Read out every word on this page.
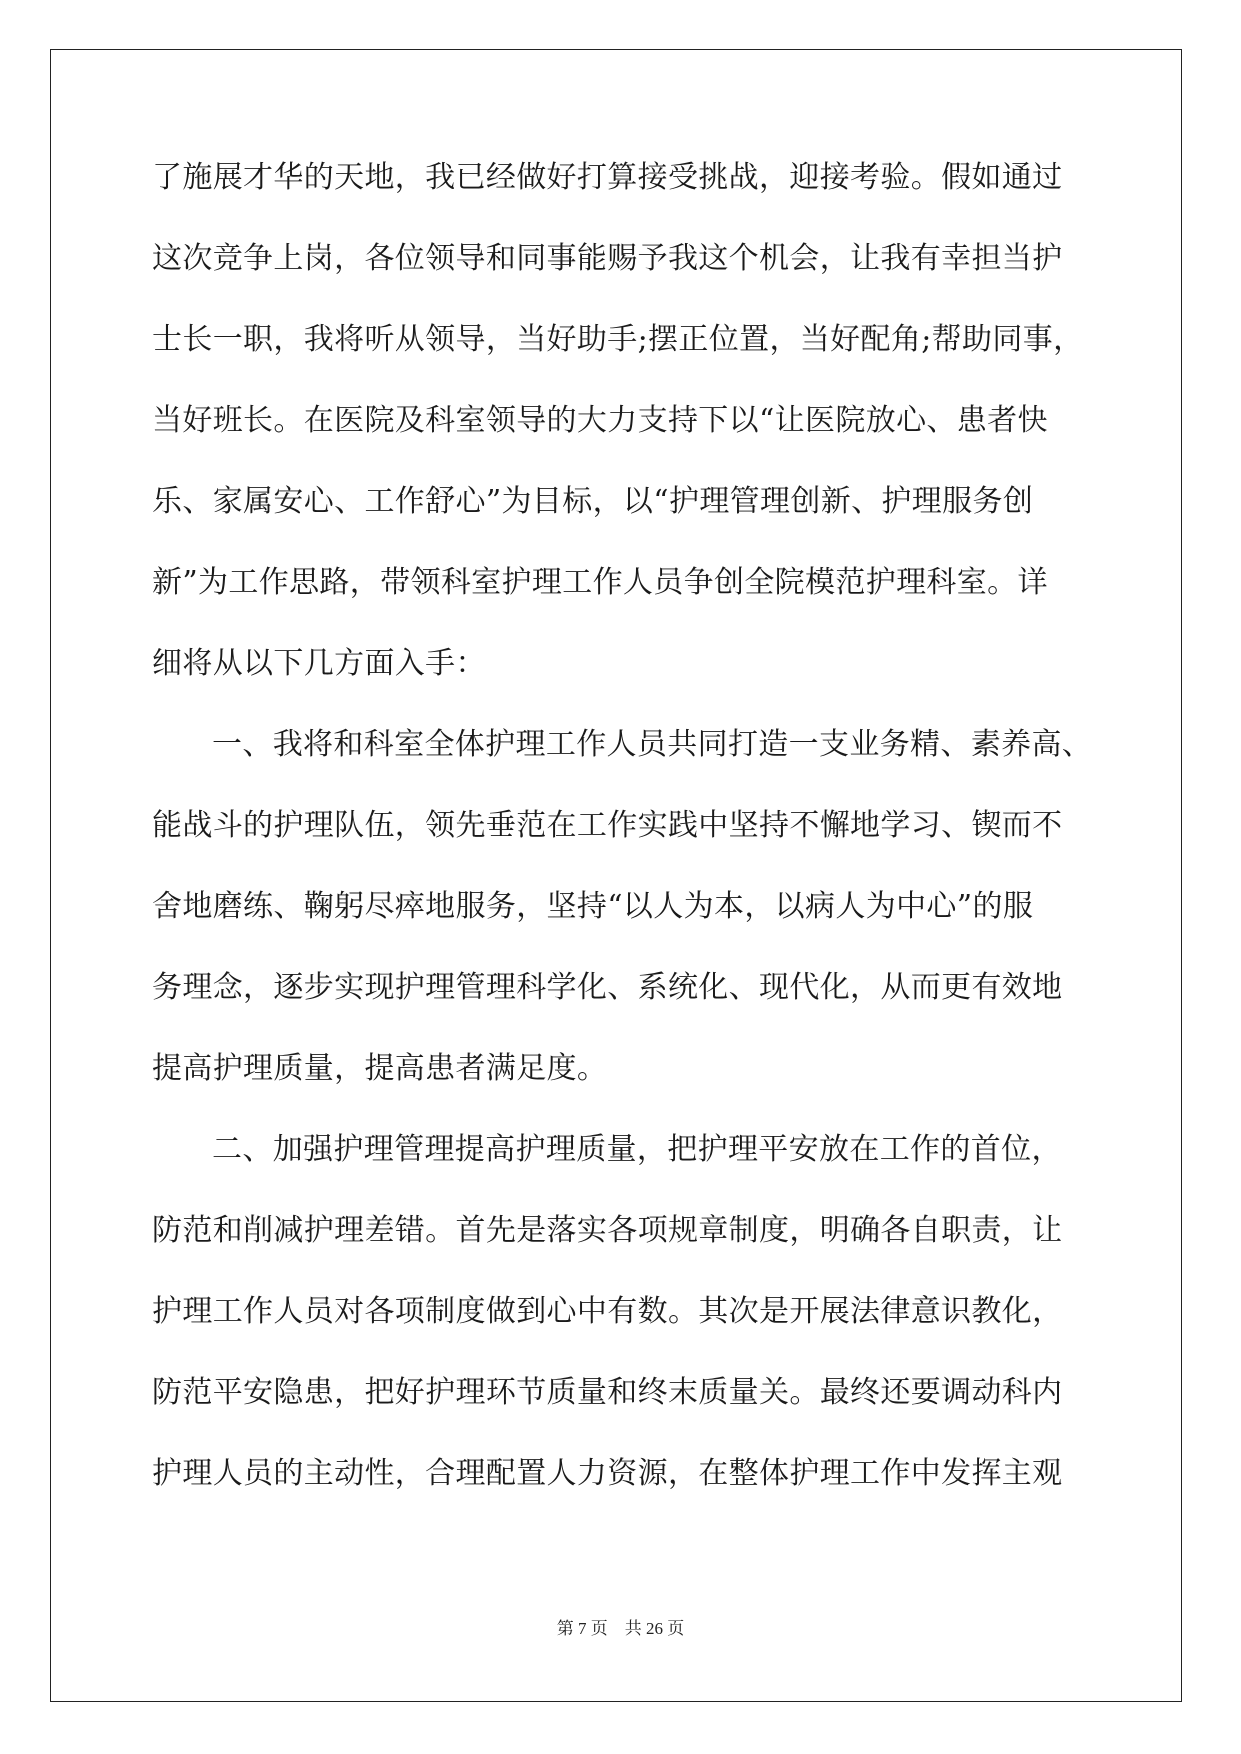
了施展才华的天地，我已经做好打算接受挑战，迎接考验。假如通过
这次竞争上岗，各位领导和同事能赐予我这个机会，让我有幸担当护
士长一职，我将听从领导，当好助手;摆正位置，当好配角;帮助同事，
当好班长。在医院及科室领导的大力支持下以“让医院放心、患者快
乐、家属安心、工作舒心”为目标，以“护理管理创新、护理服务创
新”为工作思路，带领科室护理工作人员争创全院模范护理科室。详
细将从以下几方面入手：
一、我将和科室全体护理工作人员共同打造一支业务精、素养高、
能战斗的护理队伍，领先垂范在工作实践中坚持不懈地学习、锲而不
舍地磨练、鞠躬尽瘁地服务，坚持“以人为本，以病人为中心”的服
务理念，逐步实现护理管理科学化、系统化、现代化，从而更有效地
提高护理质量，提高患者满足度。
二、加强护理管理提高护理质量，把护理平安放在工作的首位，
防范和削减护理差错。首先是落实各项规章制度，明确各自职责，让
护理工作人员对各项制度做到心中有数。其次是开展法律意识教化，
防范平安隐患，把好护理环节质量和终末质量关。最终还要调动科内
护理人员的主动性，合理配置人力资源，在整体护理工作中发挥主观
第 7 页    共 26 页
